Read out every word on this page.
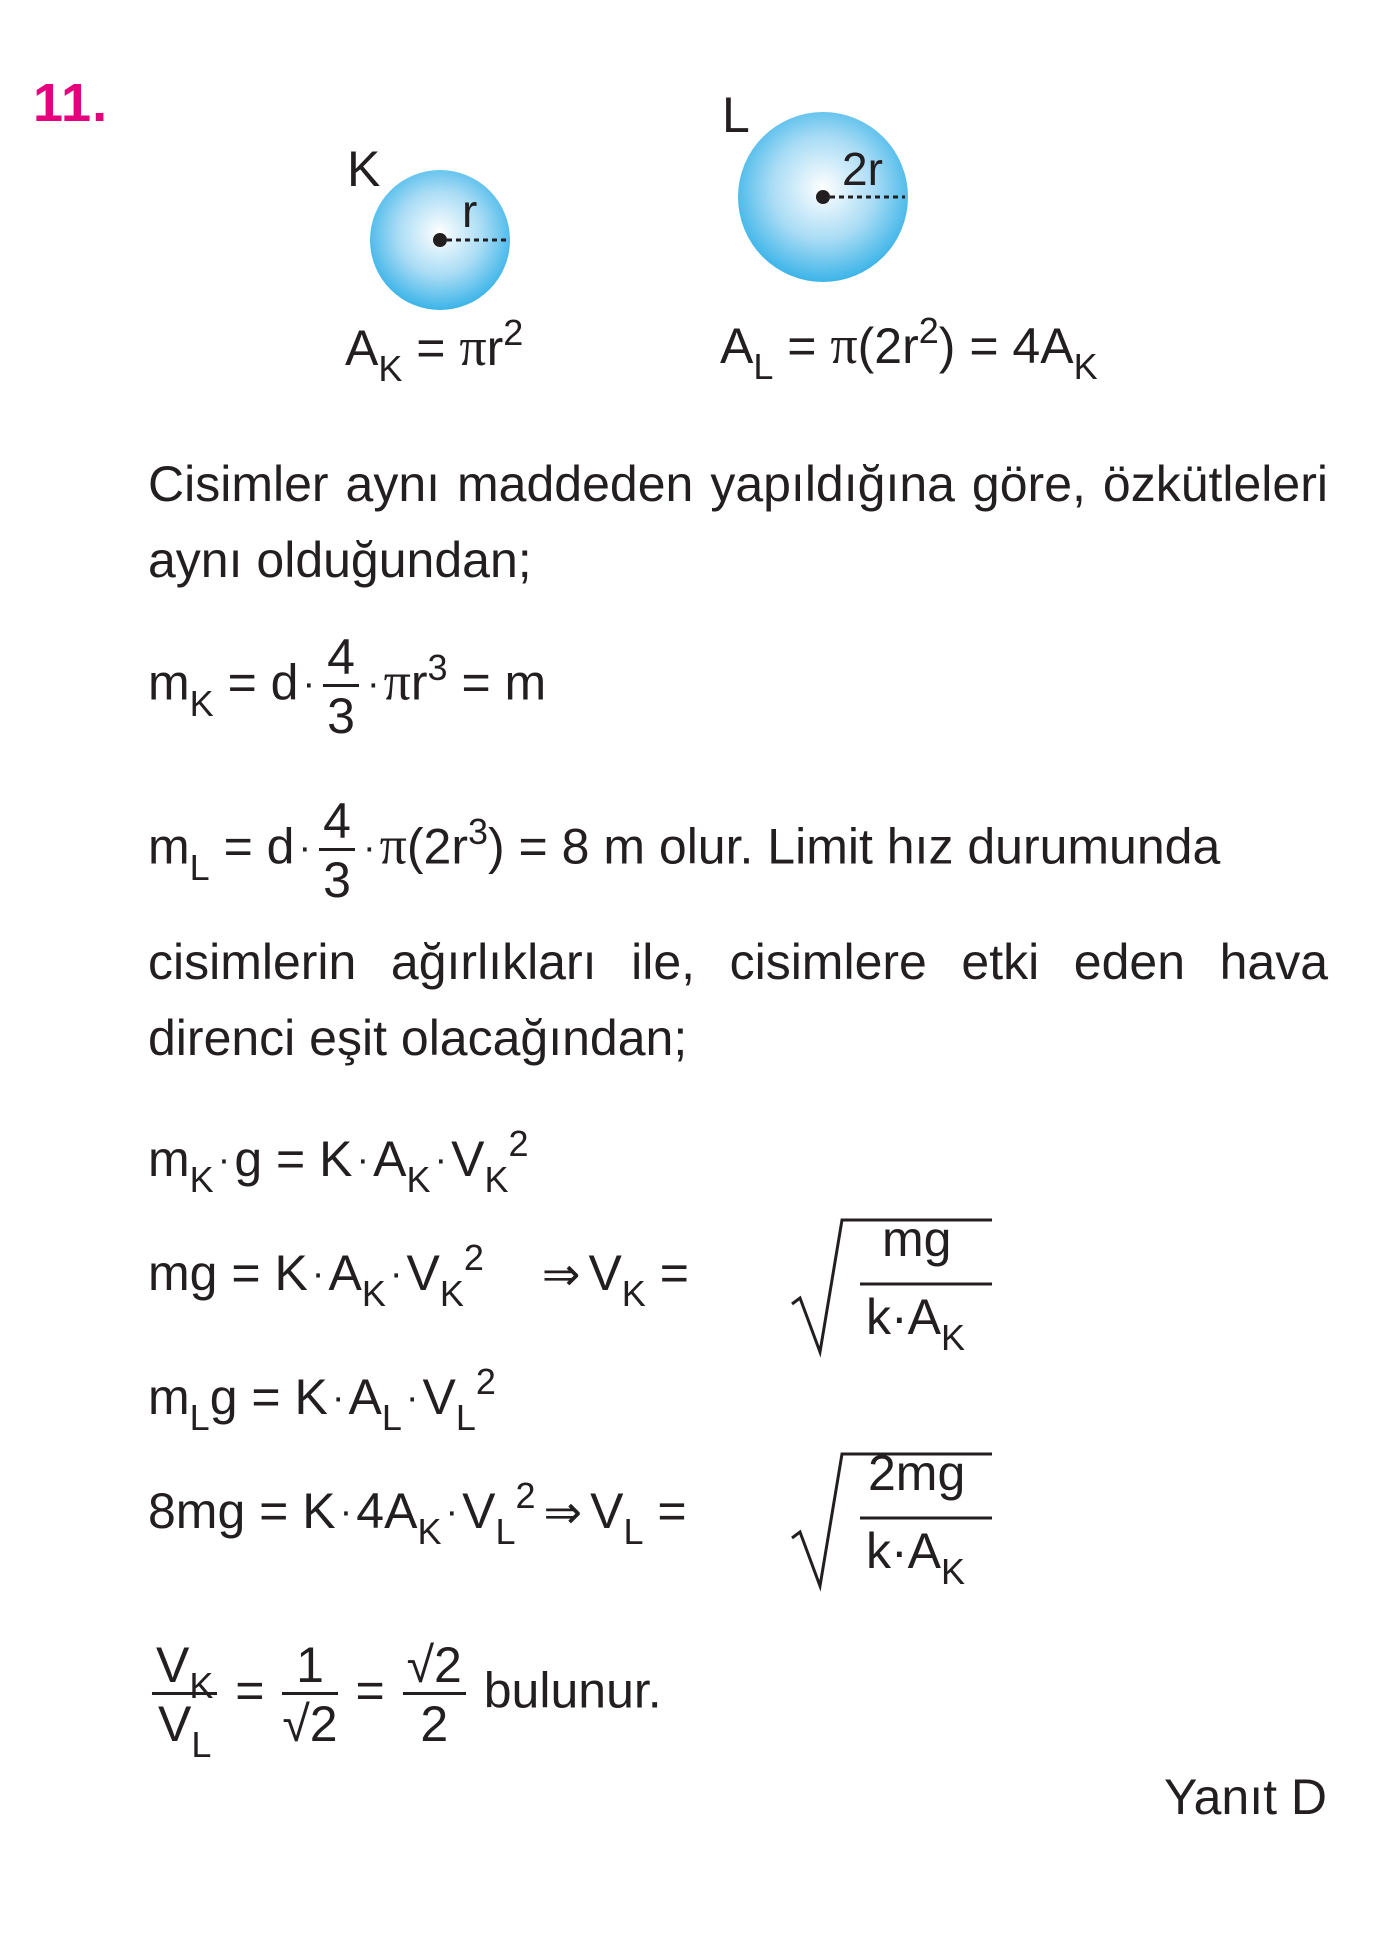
11.
K
r
L
2r
$A_K = \pi r^2$	$A_L = \pi(2r^2) = 4A_K$
Cisimler aynı maddeden yapıldığına göre, özkütleleri aynı olduğundan;
$m_K = d \cdot \frac{4}{3} \cdot\pi r^3 = m$
$m_L = d \cdot \frac{4}{3} \cdot\pi(2r^3) = 8$ m olur. Limit hız durumunda
cisimlerin ağırlıkları ile, cisimlere etki eden hava direnci eşit olacağından;
$m_K \cdot g = K \cdot A_K \cdot V_K^2$
mg = $K \cdot A_K \cdot V_K^2$ ⇒ $V_K$ =
mg
$k\cdot A_K$
$m_Lg = K \cdot A_L \cdot V_L^2$
$8mg = K \cdot 4A_K \cdot V_L^2$ ⇒ $V_L$ =
2mg
$k\cdot A_K$
$\frac{V_K}{V_L} = \frac{1}{√2} = \frac{√2}{2}$ bulunur.
Yanıt D
